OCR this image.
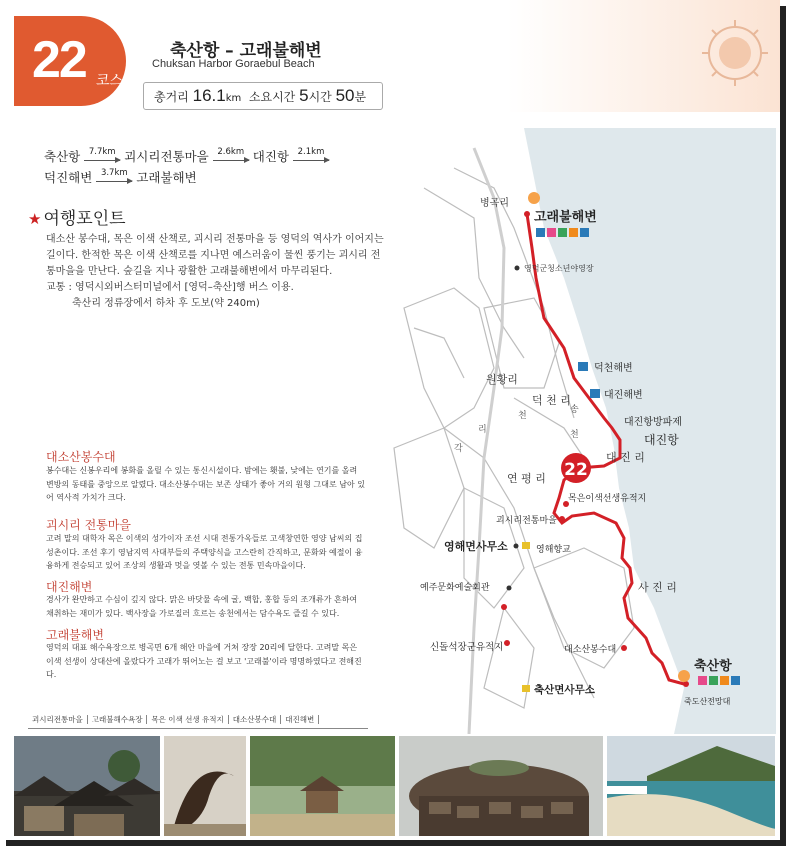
22 코스
축산항 – 고래불해변
Chuksan Harbor Goraebul Beach
총거리 16.1km 소요시간 5시간 50분
축산항	7.7km 괴시리전통마을	2.6km 대진항	2.1km
덕진해변	3.7km 고래불해변
★ 여행포인트
대소산 봉수대, 목은 이색 산책로, 괴시리 전통마을 등 영덕의 역사가 이어지는 길이다. 한적한 목은 이색 산책로를 지나면 예스러움이 물씬 풍기는 괴시리 전통마을을 만난다. 숲길을 지나 광활한 고래불해변에서 마무리된다.
교통 : 영덕시외버스터미널에서 [영덕–축산]행 버스 이용.
축산리 정류장에서 하차 후 도보(약 240m)
대소산봉수대
봉수대는 신봉우리에 봉화를 올릴 수 있는 통신시설이다. 밤에는 횃불, 낮에는 연기를 올려 변방의 동태를 중앙으로 알렸다. 대소산봉수대는 보존 상태가 좋아 거의 원형 그대로 남아 있어 역사적 가치가 크다.
괴시리 전통마을
고려 말의 대학자 목은 이색의 성가이자 조선 시대 전통가옥들로 고색창연한 영양 남씨의 집성촌이다. 조선 후기 영남지역 사대부들의 주택양식을 고스란히 간직하고, 문화와 예절이 융융하게 전승되고 있어 조상의 생활과 멋을 엿볼 수 있는 전통 민속마을이다.
대진해변
경사가 완만하고 수심이 깊지 않다. 맑은 바닷물 속에 굴, 백합, 홍합 등의 조개류가 흔하여 채취하는 재미가 있다. 백사장을 가로질러 흐르는 송천에서는 담수욕도 즐길 수 있다.
고래불해변
영덕의 대표 해수욕장으로 병곡면 6개 해안 마을에 거쳐 장장 20리에 달한다. 고려말 목은 이색 선생이 상대산에 올랐다가 고래가 뛰어노는 걸 보고 '고래불'이라 명명하였다고 전해진다.
괴시리전통마을 고래불해수욕장 목은 이색 선생 유적지 대소산봉수대 대진해변
22
병곡리
고래불해변
영덕군청소년야영장
덕천해변
대진해변
원황리
덕 천 리
대진항방파제
대진항
대 진 리
연 평 리
목은이색선생유적지
괴시리전통마을
영해면사무소	영해향교
예주문화예술회관	사 진 리
신돌석장군유적지	대소산봉수대
축산항
축산면사무소
죽도산전망대
송
천
각
리
천
